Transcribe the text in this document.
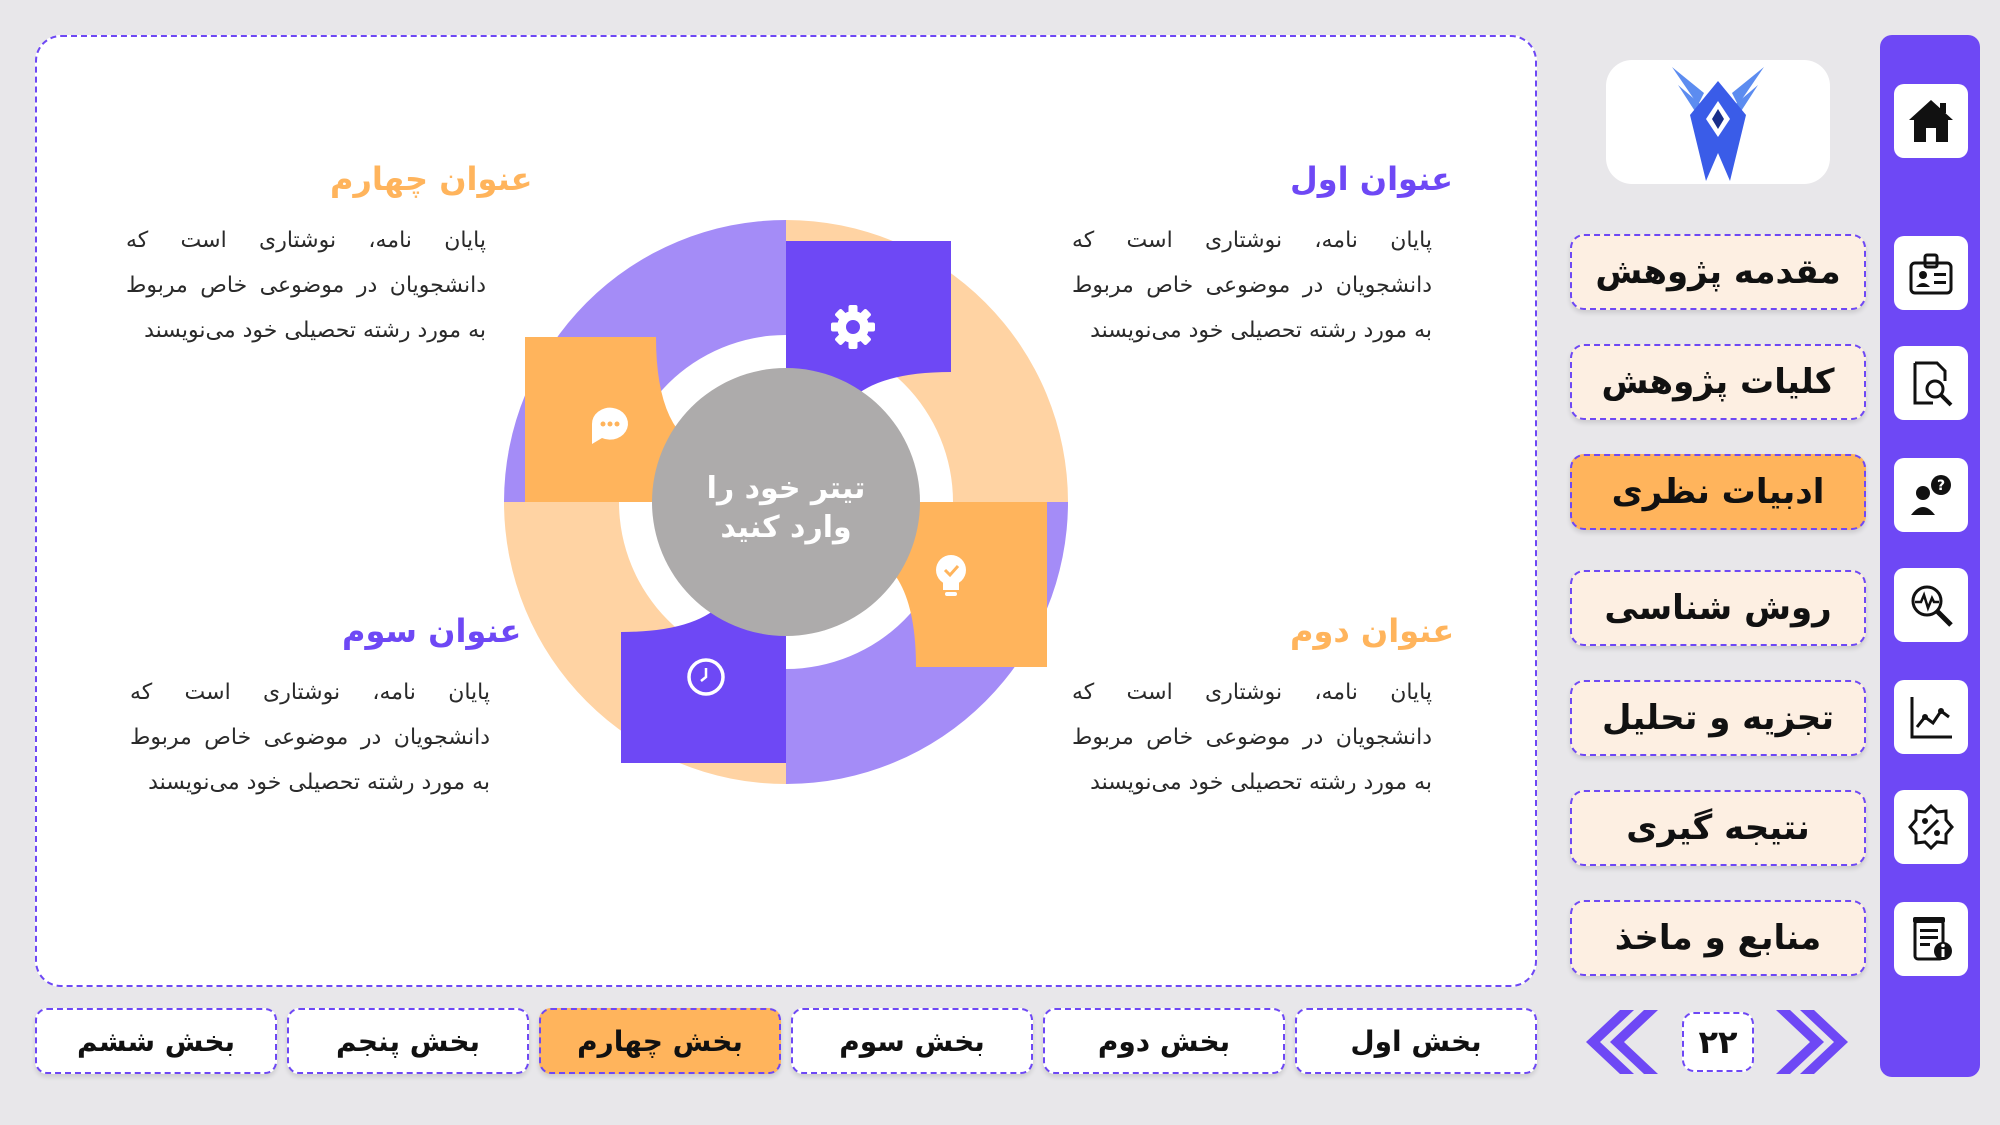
تیتر خود را
وارد کنید
عنوان اول
پایان نامه، نوشتاری است که دانشجویان در موضوعی خاص مربوط به مورد رشته تحصیلی خود می‌نویسند
عنوان دوم
پایان نامه، نوشتاری است که دانشجویان در موضوعی خاص مربوط به مورد رشته تحصیلی خود می‌نویسند
عنوان سوم
پایان نامه، نوشتاری است که دانشجویان در موضوعی خاص مربوط به مورد رشته تحصیلی خود می‌نویسند
عنوان چهارم
پایان نامه، نوشتاری است که دانشجویان در موضوعی خاص مربوط به مورد رشته تحصیلی خود می‌نویسند
?
مقدمه پژوهش
کلیات پژوهش
ادبیات نظری
روش شناسی
تجزیه و تحلیل
نتیجه گیری
منابع و ماخذ
بخش اول
بخش دوم
بخش سوم
بخش چهارم
بخش پنجم
بخش ششم	۲۲
